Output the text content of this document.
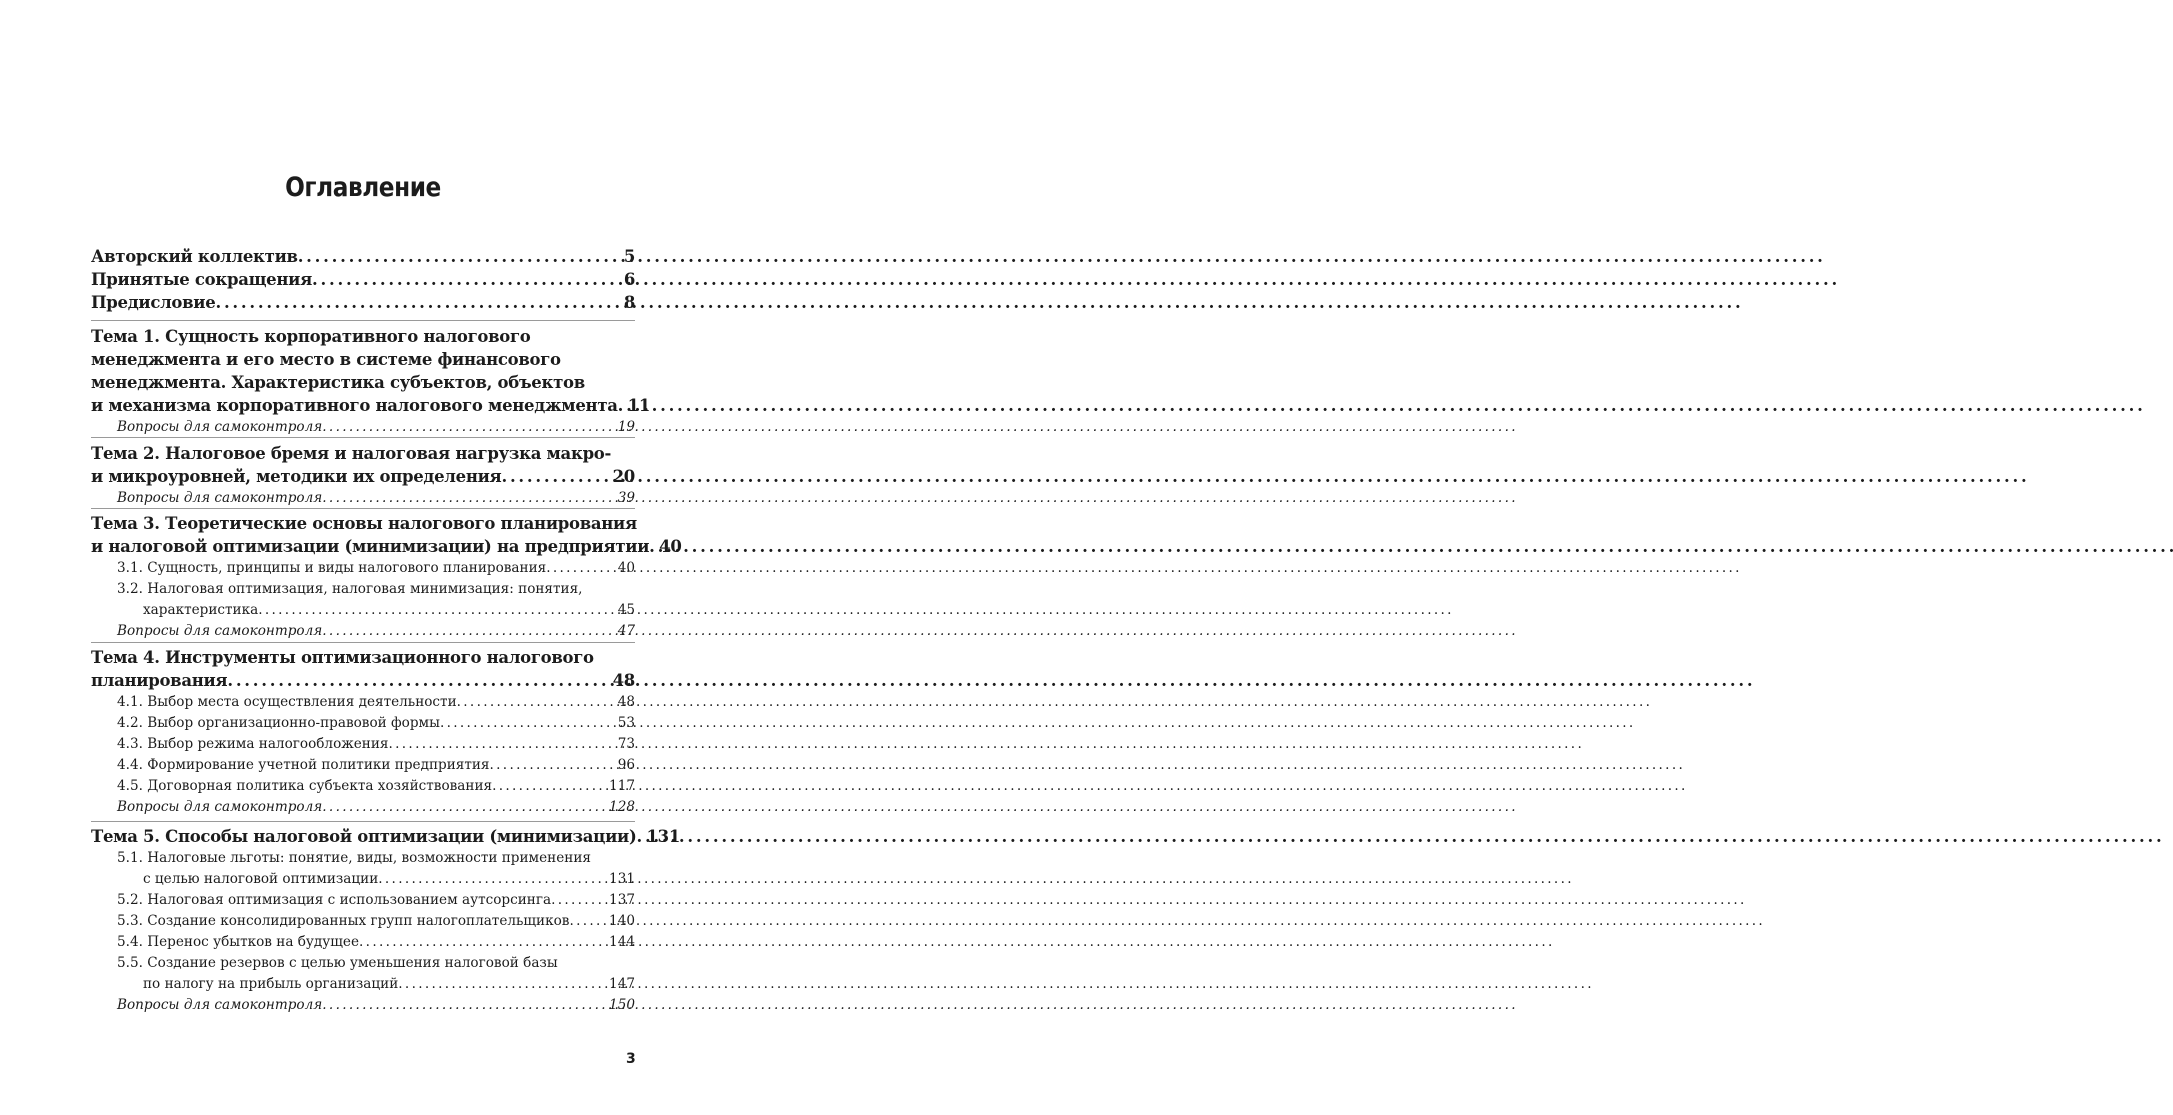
Оглавление
Авторский коллектив . . .	5
Принятые сокращения . . .	6
Предисловие . . .	8
Тема 1. Сущность корпоративного налогового
менеджмента и его место в системе финансового
менеджмента. Характеристика субъектов, объектов
и механизма корпоративного налогового менеджмента . . . 11
Вопросы для самоконтроля . . .	19
Тема 2. Налоговое бремя и налоговая нагрузка макро-
и микроуровней, методики их определения . . .	20
Вопросы для самоконтроля . . .	39
Тема 3. Теоретические основы налогового планирования
и налоговой оптимизации (минимизации) на предприятии . . . 40
3.1. Сущность, принципы и виды налогового планирования . . .	40
3.2. Налоговая оптимизация, налоговая минимизация: понятия,
характеристика . . .	45
Вопросы для самоконтроля . . .	47
Тема 4. Инструменты оптимизационного налогового
планирования . . .	48
4.1. Выбор места осуществления деятельности . . .	48
4.2. Выбор организационно-правовой формы . . .	53
4.3. Выбор режима налогообложения . . .	73
4.4. Формирование учетной политики предприятия . . .	96
4.5. Договорная политика субъекта хозяйствования . . .	117
Вопросы для самоконтроля . . .	128
Тема 5. Способы налоговой оптимизации (минимизации) . . . 131
5.1. Налоговые льготы: понятие, виды, возможности применения
с целью налоговой оптимизации . . .	131
5.2. Налоговая оптимизация с использованием аутсорсинга . . .	137
5.3. Создание консолидированных групп налогоплательщиков . . .	140
5.4. Перенос убытков на будущее . . .	144
5.5. Создание резервов с целью уменьшения налоговой базы
по налогу на прибыль организаций . . .	147
Вопросы для самоконтроля . . .	150
3
